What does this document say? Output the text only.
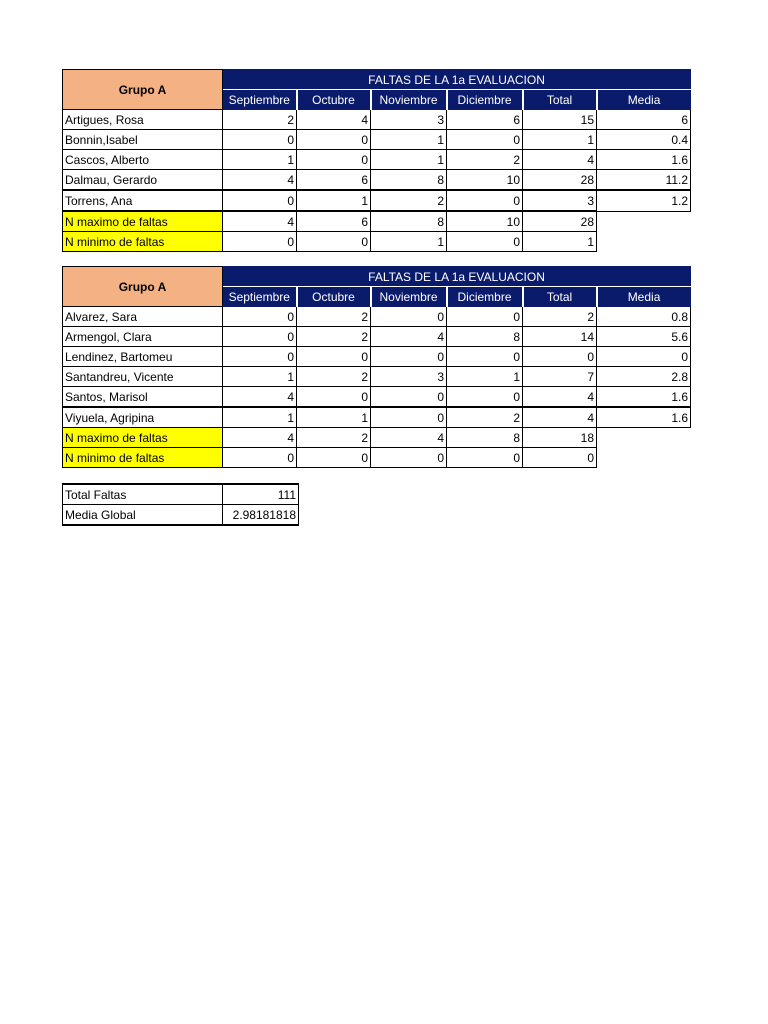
Grupo A	FALTAS DE LA 1a EVALUACION					
	Septiembre	Octubre	Noviembre	Diciembre	Total	Media
Artigues, Rosa	2	4	3	6	15	6
Bonnin,Isabel	0	0	1	0	1	0.4
Cascos, Alberto	1	0	1	2	4	1.6
Dalmau, Gerardo	4	6	8	10	28	11.2
Torrens, Ana	0	1	2	0	3	1.2
N maximo de faltas	4	6	8	10	28	
N minimo de faltas	0	0	1	0	1	
Grupo A	FALTAS DE LA 1a EVALUACION					
	Septiembre	Octubre	Noviembre	Diciembre	Total	Media
Alvarez, Sara	0	2	0	0	2	0.8
Armengol, Clara	0	2	4	8	14	5.6
Lendinez, Bartomeu	0	0	0	0	0	0
Santandreu, Vicente	1	2	3	1	7	2.8
Santos, Marisol	4	0	0	0	4	1.6
Viyuela, Agripina	1	1	0	2	4	1.6
N maximo de faltas	4	2	4	8	18	
N minimo de faltas	0	0	0	0	0	
Total Faltas	111
Media Global	2.98181818
